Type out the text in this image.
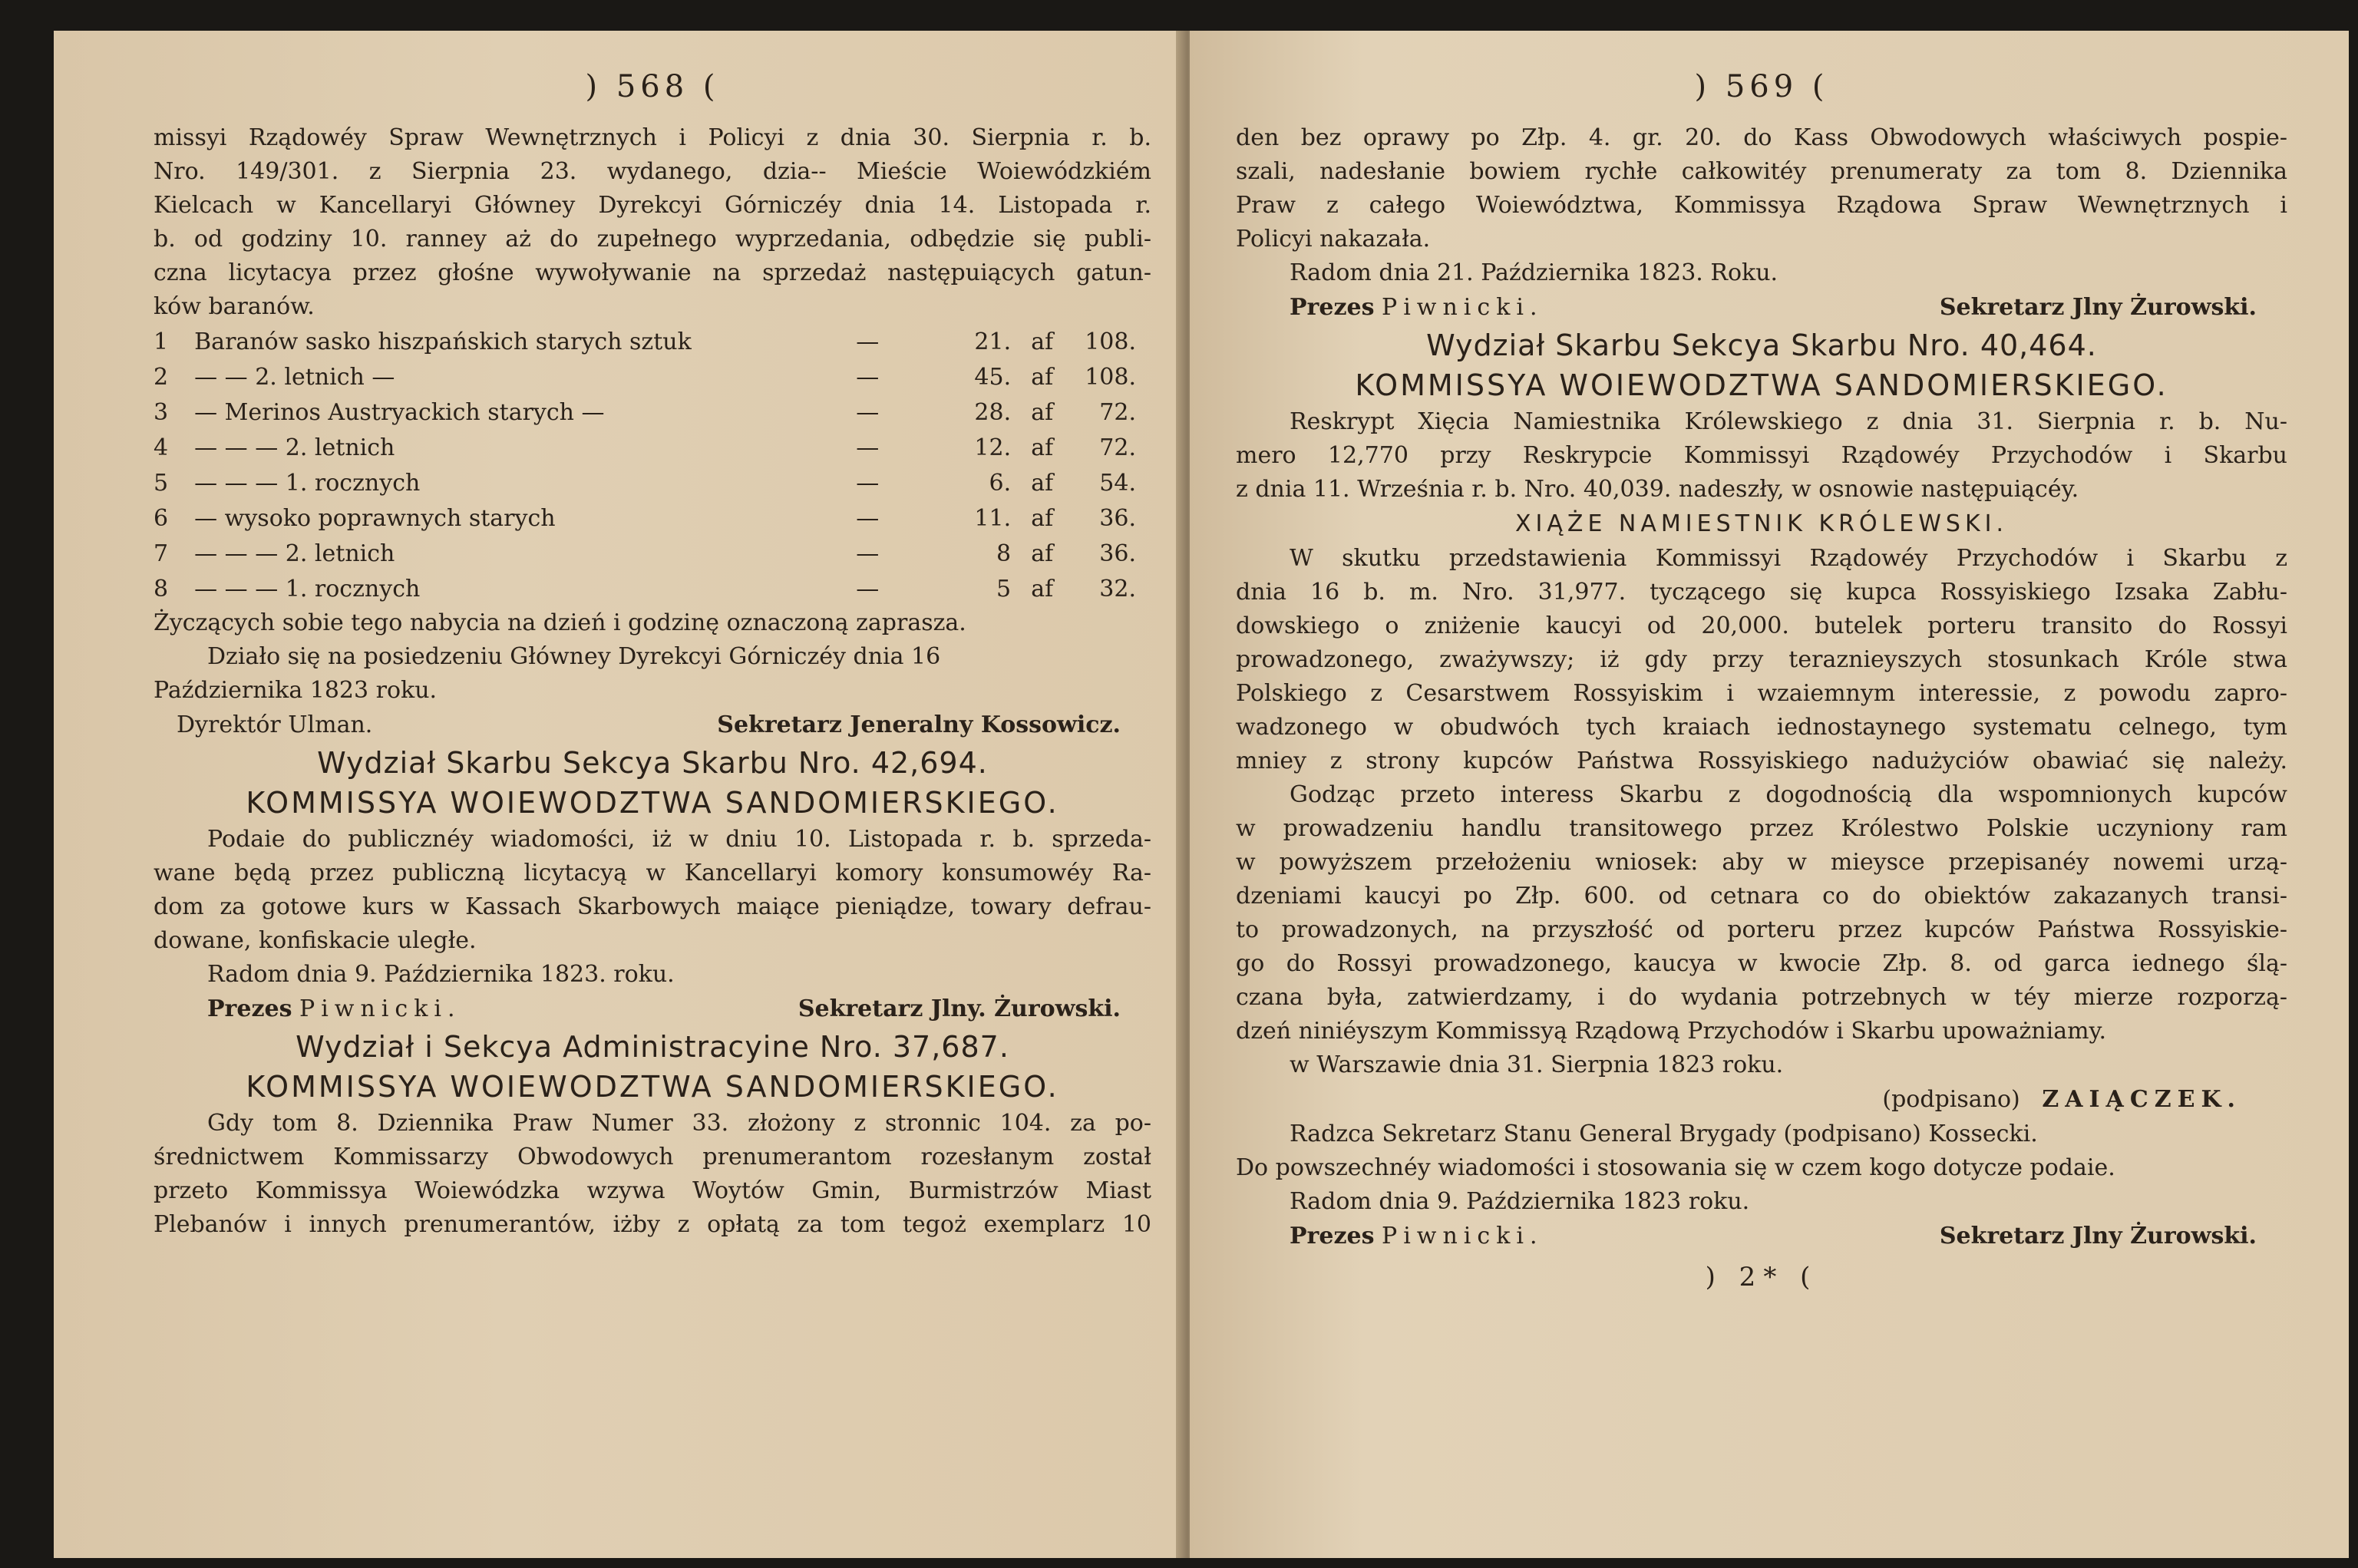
) 568 (
missyi Rządowéy Spraw Wewnętrznych i Policyi z dnia 30. Sierpnia r. b.
Nro. 149/301. z Sierpnia 23. wydanego, dzia-- Mieście Woiewódzkiém
Kielcach w Kancellaryi Główney Dyrekcyi Górniczéy dnia 14. Listopada r.
b. od godziny 10. ranney aż do zupełnego wyprzedania, odbędzie się publi-
czna licytacya przez głośne wywoływanie na sprzedaż następuiących gatun-
ków baranów.
1	Baranów sasko hiszpańskich starych sztuk	—	21.	af	108.
2	— — 2. letnich —	—	45.	af	108.
3	— Merinos Austryackich starych —	—	28.	af	72.
4	— — — 2. letnich	—	12.	af	72.
5	— — — 1. rocznych	—	6.	af	54.
6	— wysoko poprawnych starych	—	11.	af	36.
7	— — — 2. letnich	—	8	af	36.
8	— — — 1. rocznych	—	5	af	32.
Życzących sobie tego nabycia na dzień i godzinę oznaczoną zaprasza.
Działo się na posiedzeniu Główney Dyrekcyi Górniczéy dnia 16
Października 1823 roku.
Dyrektór Ulman.	Sekretarz Jeneralny Kossowicz.
Wydział Skarbu Sekcya Skarbu Nro. 42,694.
KOMMISSYA WOIEWODZTWA SANDOMIERSKIEGO.
Podaie do publicznéy wiadomości, iż w dniu 10. Listopada r. b. sprzeda-
wane będą przez publiczną licytacyą w Kancellaryi komory konsumowéy Ra-
dom za gotowe kurs w Kassach Skarbowych maiące pieniądze, towary defrau-
dowane, konfiskacie uległe.
Radom dnia 9. Października 1823. roku.
Prezes Piwnicki.	Sekretarz Jlny. Żurowski.
Wydział i Sekcya Administracyine Nro. 37,687.
KOMMISSYA WOIEWODZTWA SANDOMIERSKIEGO.
Gdy tom 8. Dziennika Praw Numer 33. złożony z stronnic 104. za po-
średnictwem Kommissarzy Obwodowych prenumerantom rozesłanym został
przeto Kommissya Woiewódzka wzywa Woytów Gmin, Burmistrzów Miast
Plebanów i innych prenumerantów, iżby z opłatą za tom tegoż exemplarz 10
) 569 (
den bez oprawy po Złp. 4. gr. 20. do Kass Obwodowych właściwych pospie-
szali, nadesłanie bowiem rychłe całkowitéy prenumeraty za tom 8. Dziennika
Praw z całego Woiewództwa, Kommissya Rządowa Spraw Wewnętrznych i
Policyi nakazała.
Radom dnia 21. Października 1823. Roku.
Prezes Piwnicki.	Sekretarz Jlny Żurowski.
Wydział Skarbu Sekcya Skarbu Nro. 40,464.
KOMMISSYA WOIEWODZTWA SANDOMIERSKIEGO.
Reskrypt Xięcia Namiestnika Królewskiego z dnia 31. Sierpnia r. b. Nu-
mero 12,770 przy Reskrypcie Kommissyi Rządowéy Przychodów i Skarbu
z dnia 11. Września r. b. Nro. 40,039. nadeszły, w osnowie następuiącéy.
XIĄŻE NAMIESTNIK KRÓLEWSKI.
W skutku przedstawienia Kommissyi Rządowéy Przychodów i Skarbu z
dnia 16 b. m. Nro. 31,977. tyczącego się kupca Rossyiskiego Izsaka Zabłu-
dowskiego o zniżenie kaucyi od 20,000. butelek porteru transito do Rossyi
prowadzonego, zważywszy; iż gdy przy teraznieyszych stosunkach Króle stwa
Polskiego z Cesarstwem Rossyiskim i wzaiemnym interessie, z powodu zapro-
wadzonego w obudwóch tych kraiach iednostaynego systematu celnego, tym
mniey z strony kupców Państwa Rossyiskiego nadużyciów obawiać się należy.
Godząc przeto interess Skarbu z dogodnością dla wspomnionych kupców
w prowadzeniu handlu transitowego przez Królestwo Polskie uczyniony ram
w powyższem przełożeniu wniosek: aby w mieysce przepisanéy nowemi urzą-
dzeniami kaucyi po Złp. 600. od cetnara co do obiektów zakazanych transi-
to prowadzonych, na przyszłość od porteru przez kupców Państwa Rossyiskie-
go do Rossyi prowadzonego, kaucya w kwocie Złp. 8. od garca iednego ślą-
czana była, zatwierdzamy, i do wydania potrzebnych w téy mierze rozporzą-
dzeń niniéyszym Kommissyą Rządową Przychodów i Skarbu upoważniamy.
w Warszawie dnia 31. Sierpnia 1823 roku.
(podpisano) ZAIĄCZEK.
Radzca Sekretarz Stanu General Brygady (podpisano) Kossecki.
Do powszechnéy wiadomości i stosowania się w czem kogo dotycze podaie.
Radom dnia 9. Października 1823 roku.
Prezes Piwnicki.	Sekretarz Jlny Żurowski.
) 2* (
